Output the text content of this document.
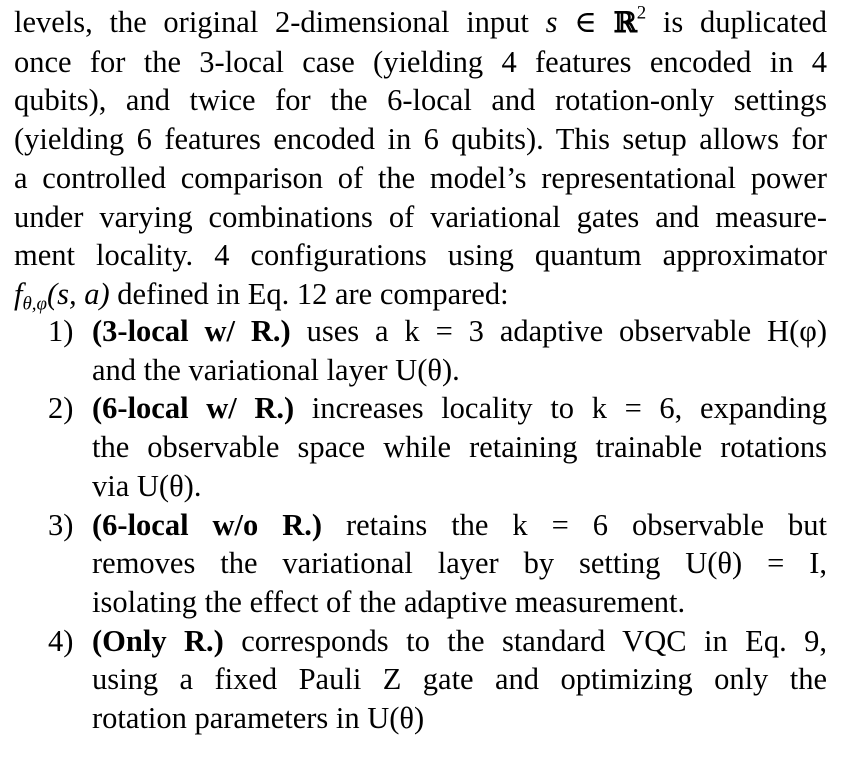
levels, the original 2-dimensional input s ∈ ℝ$^2$ is duplicated
once for the 3-local case (yielding 4 features encoded in 4
qubits), and twice for the 6-local and rotation-only settings
(yielding 6 features encoded in 6 qubits). This setup allows for
a controlled comparison of the model’s representational power
under varying combinations of variational gates and measure-
ment locality. 4 configurations using quantum approximator
$f_{\theta,\varphi}(s$, a) defined in Eq. 12 are compared:
1) (3-local w/ R.) uses a k = 3 adaptive observable H(φ)
and the variational layer U(θ).
2) (6-local w/ R.) increases locality to k = 6, expanding
the observable space while retaining trainable rotations
via U(θ).
3) (6-local w/o R.) retains the k = 6 observable but
removes the variational layer by setting U(θ) = I,
isolating the effect of the adaptive measurement.
4) (Only R.) corresponds to the standard VQC in Eq. 9,
using a fixed Pauli Z gate and optimizing only the
rotation parameters in U(θ)
